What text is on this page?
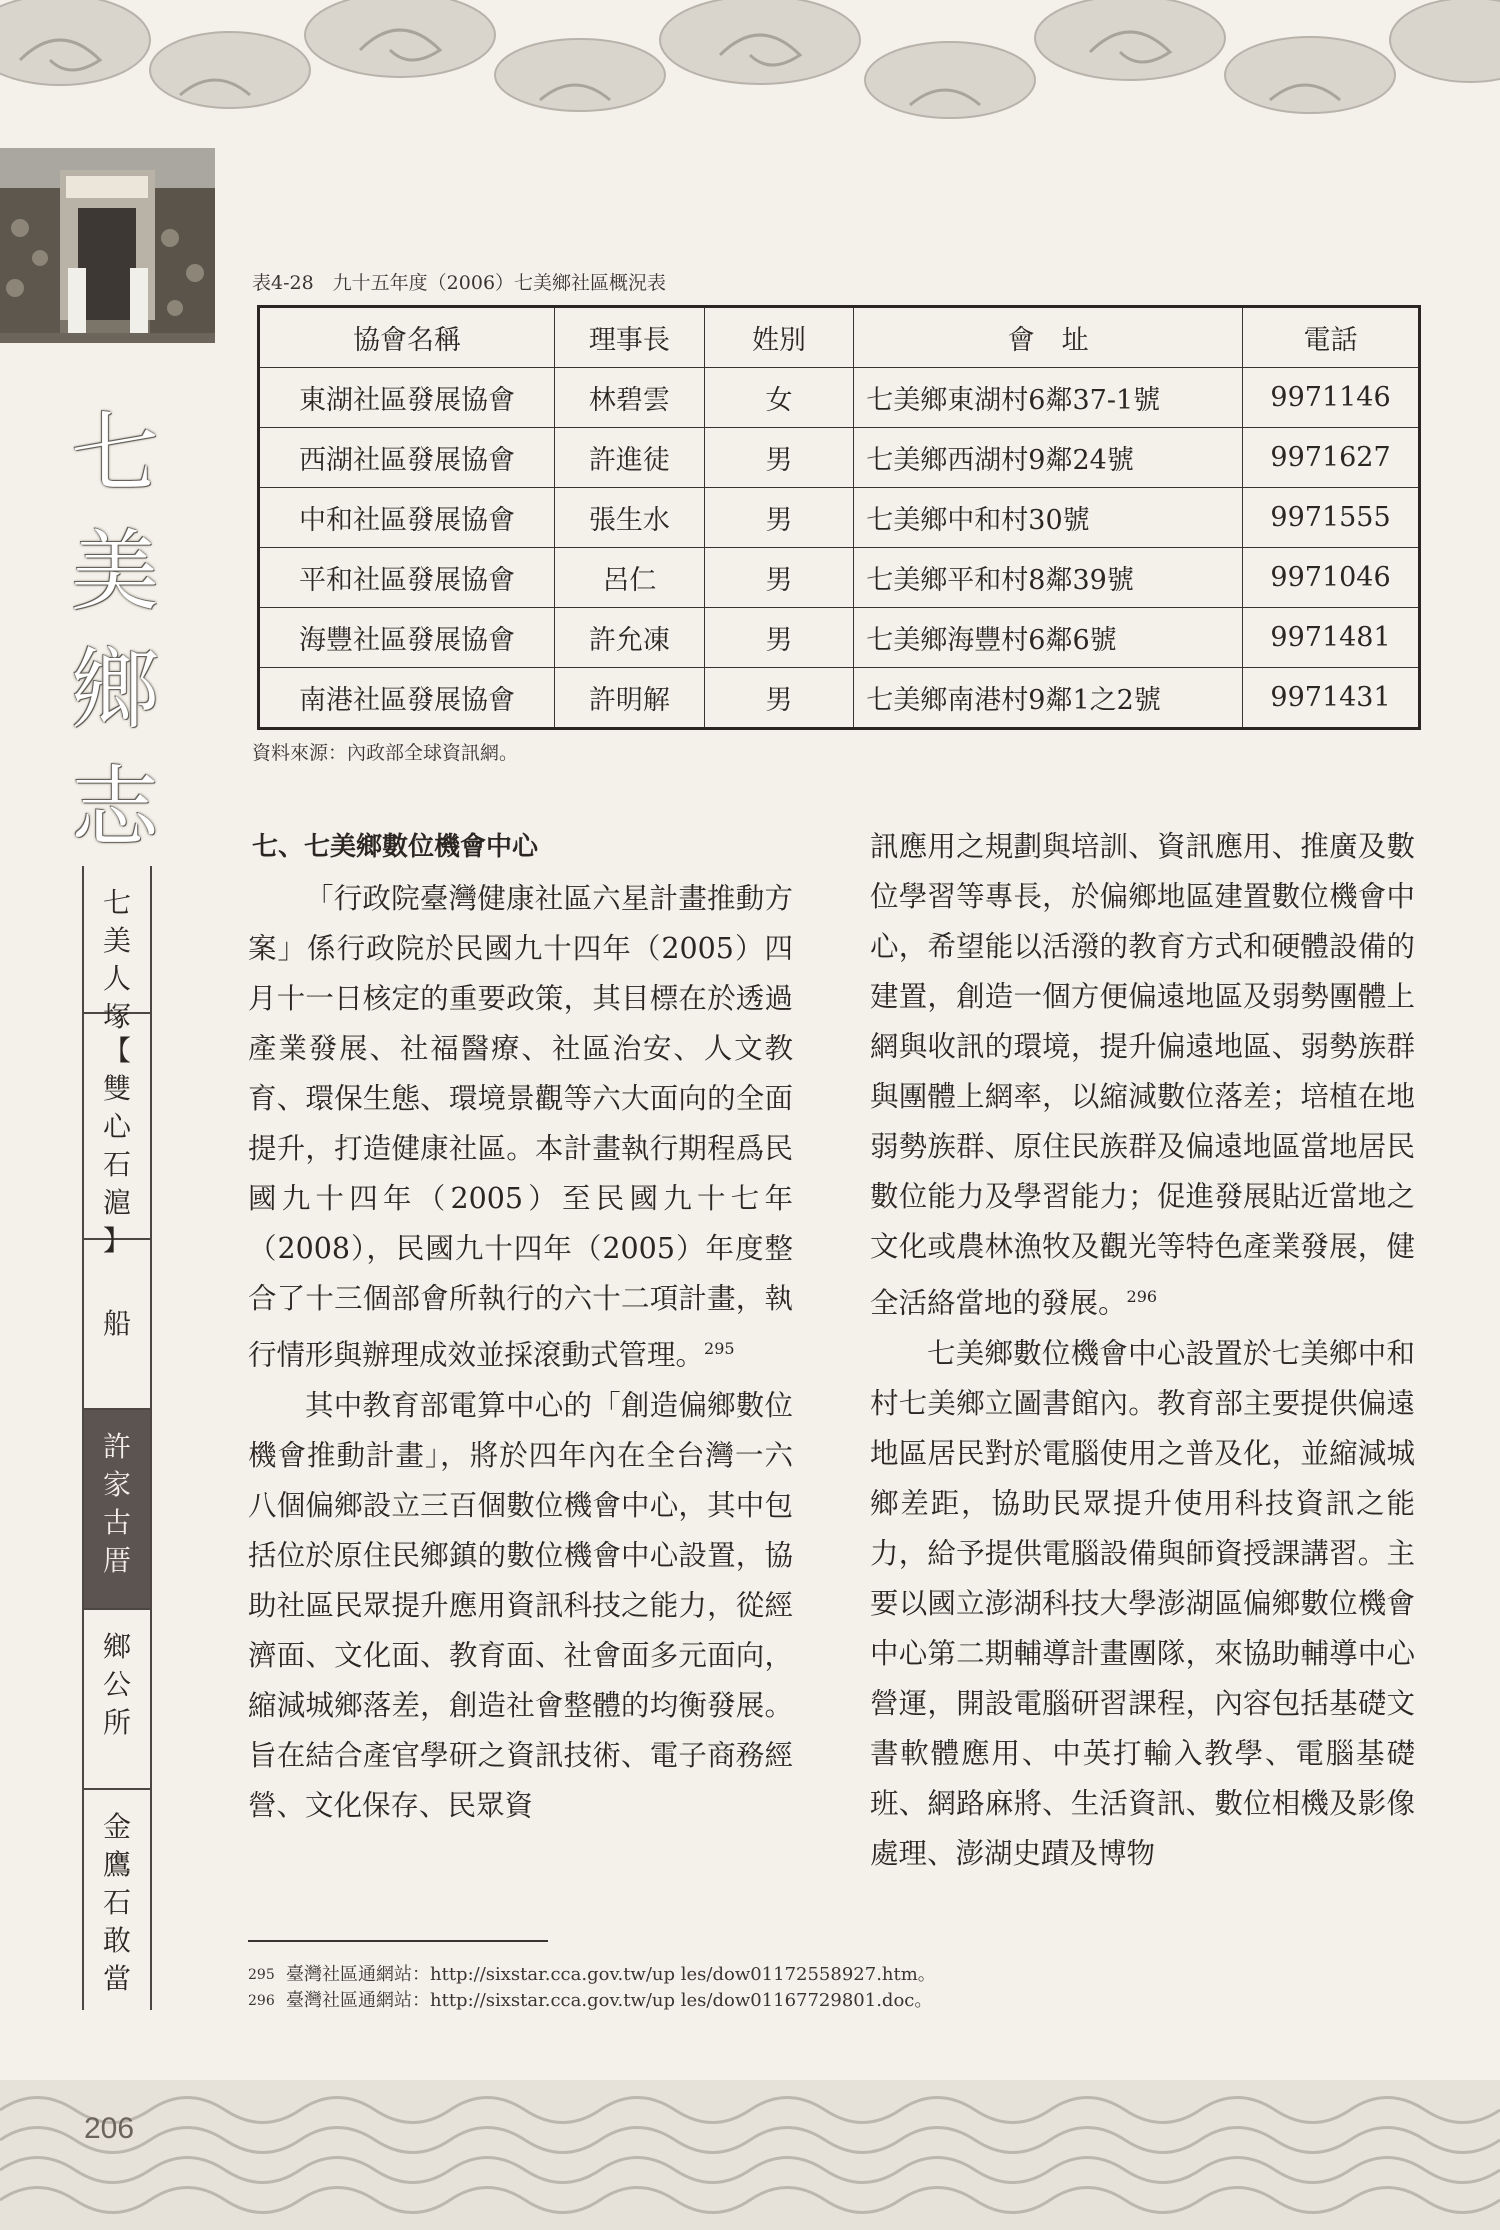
七
美
鄉
志
七
美
人
塚
【
雙
心
石
滬
】
船
許
家
古
厝
鄉
公
所
金
鷹
石
敢
當
表4-28　九十五年度（2006）七美鄉社區概況表
協會名稱	理事長	姓別	會　址	電話
東湖社區發展協會	林碧雲	女	七美鄉東湖村6鄰37-1號	9971146
西湖社區發展協會	許進徒	男	七美鄉西湖村9鄰24號	9971627
中和社區發展協會	張生水	男	七美鄉中和村30號	9971555
平和社區發展協會	呂仁	男	七美鄉平和村8鄰39號	9971046
海豐社區發展協會	許允凍	男	七美鄉海豐村6鄰6號	9971481
南港社區發展協會	許明解	男	七美鄉南港村9鄰1之2號	9971431
資料來源：內政部全球資訊網。
七、七美鄉數位機會中心

「行政院臺灣健康社區六星計畫推動方案」係行政院於民國九十四年（2005）四月十一日核定的重要政策，其目標在於透過產業發展、社福醫療、社區治安、人文教育、環保生態、環境景觀等六大面向的全面提升，打造健康社區。本計畫執行期程爲民國九十四年（2005）至民國九十七年（2008），民國九十四年（2005）年度整合了十三個部會所執行的六十二項計畫，執行情形與辦理成效並採滾動式管理。$^{295}$

其中教育部電算中心的「創造偏鄉數位機會推動計畫」，將於四年內在全台灣一六八個偏鄉設立三百個數位機會中心，其中包括位於原住民鄉鎮的數位機會中心設置，協助社區民眾提升應用資訊科技之能力，從經濟面、文化面、教育面、社會面多元面向，縮減城鄉落差，創造社會整體的均衡發展。旨在結合產官學研之資訊技術、電子商務經營、文化保存、民眾資

訊應用之規劃與培訓、資訊應用、推廣及數位學習等專長，於偏鄉地區建置數位機會中心，希望能以活潑的教育方式和硬體設備的建置，創造一個方便偏遠地區及弱勢團體上網與收訊的環境，提升偏遠地區、弱勢族群與團體上網率，以縮減數位落差；培植在地弱勢族群、原住民族群及偏遠地區當地居民數位能力及學習能力；促進發展貼近當地之文化或農林漁牧及觀光等特色產業發展，健全活絡當地的發展。$^{296}$

七美鄉數位機會中心設置於七美鄉中和村七美鄉立圖書館內。教育部主要提供偏遠地區居民對於電腦使用之普及化，並縮減城鄉差距，協助民眾提升使用科技資訊之能力，給予提供電腦設備與師資授課講習。主要以國立澎湖科技大學澎湖區偏鄉數位機會中心第二期輔導計畫團隊，來協助輔導中心營運，開設電腦研習課程，內容包括基礎文書軟體應用、中英打輸入教學、電腦基礎班、網路麻將、生活資訊、數位相機及影像處理、澎湖史蹟及博物

295 臺灣社區通網站：http://sixstar.cca.gov.tw/up les/dow01172558927.htm。
296 臺灣社區通網站：http://sixstar.cca.gov.tw/up les/dow01167729801.doc。
206
